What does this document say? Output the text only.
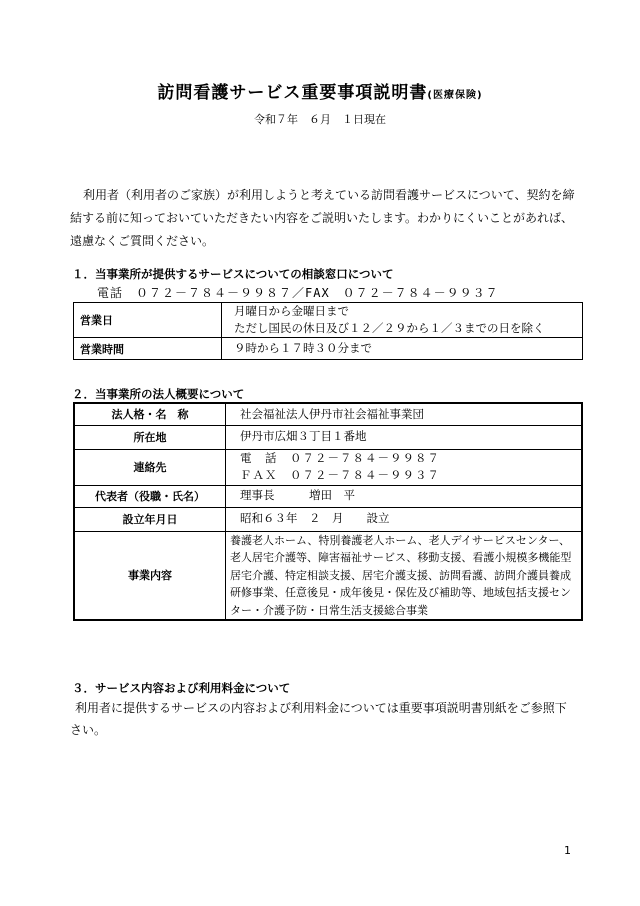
訪問看護サービス重要事項説明書(医療保険)
令和７年　６月　１日現在

利用者（利用者のご家族）が利用しようと考えている訪問看護サービスについて、契約を締結する前に知っておいていただきたい内容をご説明いたします。わかりにくいことがあれば、遠慮なくご質問ください。

１．当事業所が提供するサービスについての相談窓口について
電話　０７２－７８４－９９８７／FAX　０７２－７８４－９９３７
営業日	月曜日から金曜日まで
ただし国民の休日及び１２／２９から１／３までの日を除く

営業時間	９時から１７時３０分まで
２．当事業所の法人概要について
法人格・名　称	社会福祉法人伊丹市社会福祉事業団
所在地	伊丹市広畑３丁目１番地
連絡先	電　話　０７２－７８４－９９８７
ＦＡＸ　０７２－７８４－９９３７

代表者（役職・氏名）	理事長　　　増田　平
設立年月日	昭和６３年　２　月　　設立
事業内容	養護老人ホーム、特別養護老人ホーム、老人デイサービスセンター、老人居宅介護等、障害福祉サービス、移動支援、看護小規模多機能型居宅介護、特定相談支援、居宅介護支援、訪問看護、訪問介護員養成研修事業、任意後見・成年後見・保佐及び補助等、地域包括支援センター・介護予防・日常生活支援総合事業
３．サービス内容および利用料金について

利用者に提供するサービスの内容および利用料金については重要事項説明書別紙をご参照下さい。

1
